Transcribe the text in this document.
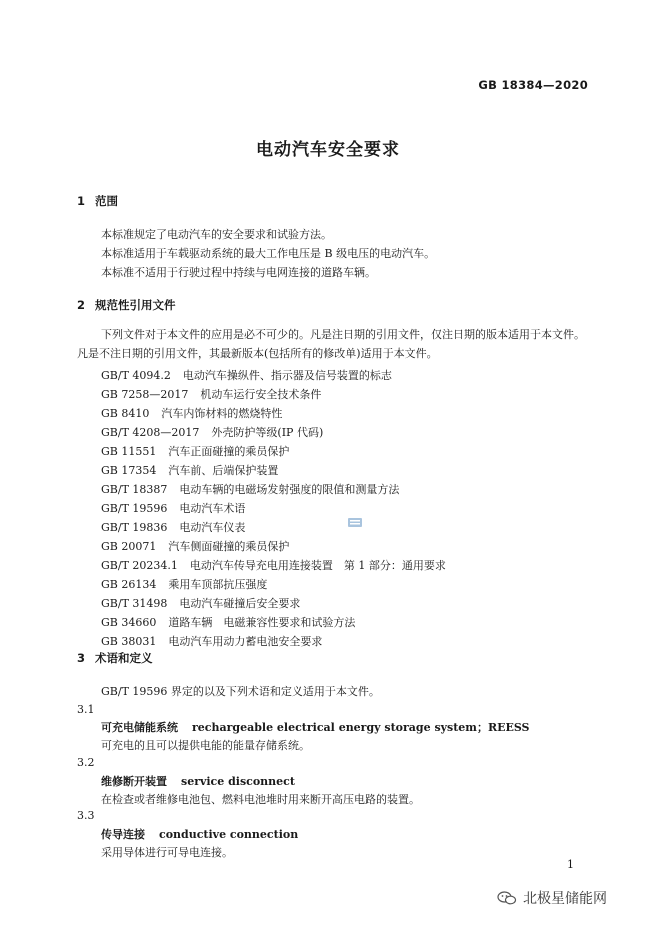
GB 18384—2020
电动汽车安全要求
1 范围
本标准规定了电动汽车的安全要求和试验方法。
本标准适用于车载驱动系统的最大工作电压是 B 级电压的电动汽车。
本标准不适用于行驶过程中持续与电网连接的道路车辆。
2 规范性引用文件
下列文件对于本文件的应用是必不可少的。凡是注日期的引用文件，仅注日期的版本适用于本文件。凡是不注日期的引用文件，其最新版本(包括所有的修改单)适用于本文件。
GB/T 4094.2 电动汽车操纵件、指示器及信号装置的标志
GB 7258—2017 机动车运行安全技术条件
GB 8410 汽车内饰材料的燃烧特性
GB/T 4208—2017 外壳防护等级(IP 代码)
GB 11551 汽车正面碰撞的乘员保护
GB 17354 汽车前、后端保护装置
GB/T 18387 电动车辆的电磁场发射强度的限值和测量方法
GB/T 19596 电动汽车术语
GB/T 19836 电动汽车仪表
GB 20071 汽车侧面碰撞的乘员保护
GB/T 20234.1 电动汽车传导充电用连接装置　第 1 部分：通用要求
GB 26134 乘用车顶部抗压强度
GB/T 31498 电动汽车碰撞后安全要求
GB 34660 道路车辆　电磁兼容性要求和试验方法
GB 38031 电动汽车用动力蓄电池安全要求
3 术语和定义
GB/T 19596 界定的以及下列术语和定义适用于本文件。
3.1
可充电储能系统 rechargeable electrical energy storage system；REESS
可充电的且可以提供电能的能量存储系统。
3.2
维修断开装置 service disconnect
在检查或者维修电池包、燃料电池堆时用来断开高压电路的装置。
3.3
传导连接 conductive connection
采用导体进行可导电连接。
1
北极星储能网
